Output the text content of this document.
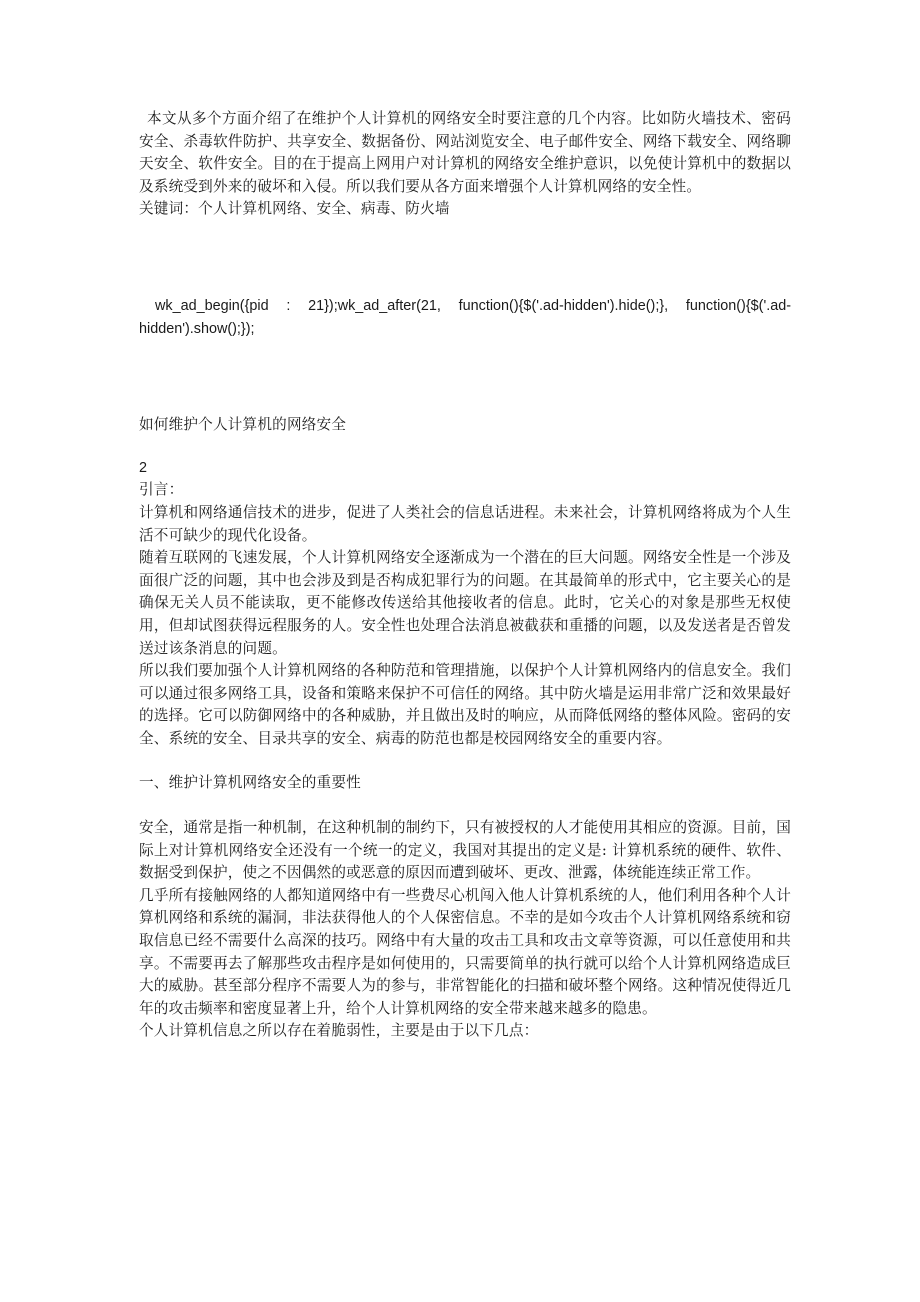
本文从多个方面介绍了在维护个人计算机的网络安全时要注意的几个内容。比如防火墙技术、密码安全、杀毒软件防护、共享安全、数据备份、网站浏览安全、电子邮件安全、网络下载安全、网络聊天安全、软件安全。目的在于提高上网用户对计算机的网络安全维护意识，以免使计算机中的数据以及系统受到外来的破坏和入侵。所以我们要从各方面来增强个人计算机网络的安全性。

关键词：个人计算机网络、安全、病毒、防火墙

wk_ad_begin({pid : 21});wk_ad_after(21, function(){$('.ad-hidden').hide();}, function(){$('.ad-hidden').show();});

如何维护个人计算机的网络安全

2

引言：

计算机和网络通信技术的进步，促进了人类社会的信息话进程。未来社会，计算机网络将成为个人生活不可缺少的现代化设备。

随着互联网的飞速发展，个人计算机网络安全逐渐成为一个潜在的巨大问题。网络安全性是一个涉及面很广泛的问题，其中也会涉及到是否构成犯罪行为的问题。在其最简单的形式中，它主要关心的是确保无关人员不能读取，更不能修改传送给其他接收者的信息。此时，它关心的对象是那些无权使用，但却试图获得远程服务的人。安全性也处理合法消息被截获和重播的问题，以及发送者是否曾发送过该条消息的问题。

所以我们要加强个人计算机网络的各种防范和管理措施，以保护个人计算机网络内的信息安全。我们可以通过很多网络工具，设备和策略来保护不可信任的网络。其中防火墙是运用非常广泛和效果最好的选择。它可以防御网络中的各种威胁，并且做出及时的响应，从而降低网络的整体风险。密码的安全、系统的安全、目录共享的安全、病毒的防范也都是校园网络安全的重要内容。

一、维护计算机网络安全的重要性

安全，通常是指一种机制，在这种机制的制约下，只有被授权的人才能使用其相应的资源。目前，国际上对计算机网络安全还没有一个统一的定义，我国对其提出的定义是: 计算机系统的硬件、软件、数据受到保护，使之不因偶然的或恶意的原因而遭到破坏、更改、泄露，体统能连续正常工作。

几乎所有接触网络的人都知道网络中有一些费尽心机闯入他人计算机系统的人，他们利用各种个人计算机网络和系统的漏洞，非法获得他人的个人保密信息。不幸的是如今攻击个人计算机网络系统和窃取信息已经不需要什么高深的技巧。网络中有大量的攻击工具和攻击文章等资源，可以任意使用和共享。不需要再去了解那些攻击程序是如何使用的，只需要简单的执行就可以给个人计算机网络造成巨大的威胁。甚至部分程序不需要人为的参与，非常智能化的扫描和破坏整个网络。这种情况使得近几年的攻击频率和密度显著上升，给个人计算机网络的安全带来越来越多的隐患。

个人计算机信息之所以存在着脆弱性，主要是由于以下几点：
